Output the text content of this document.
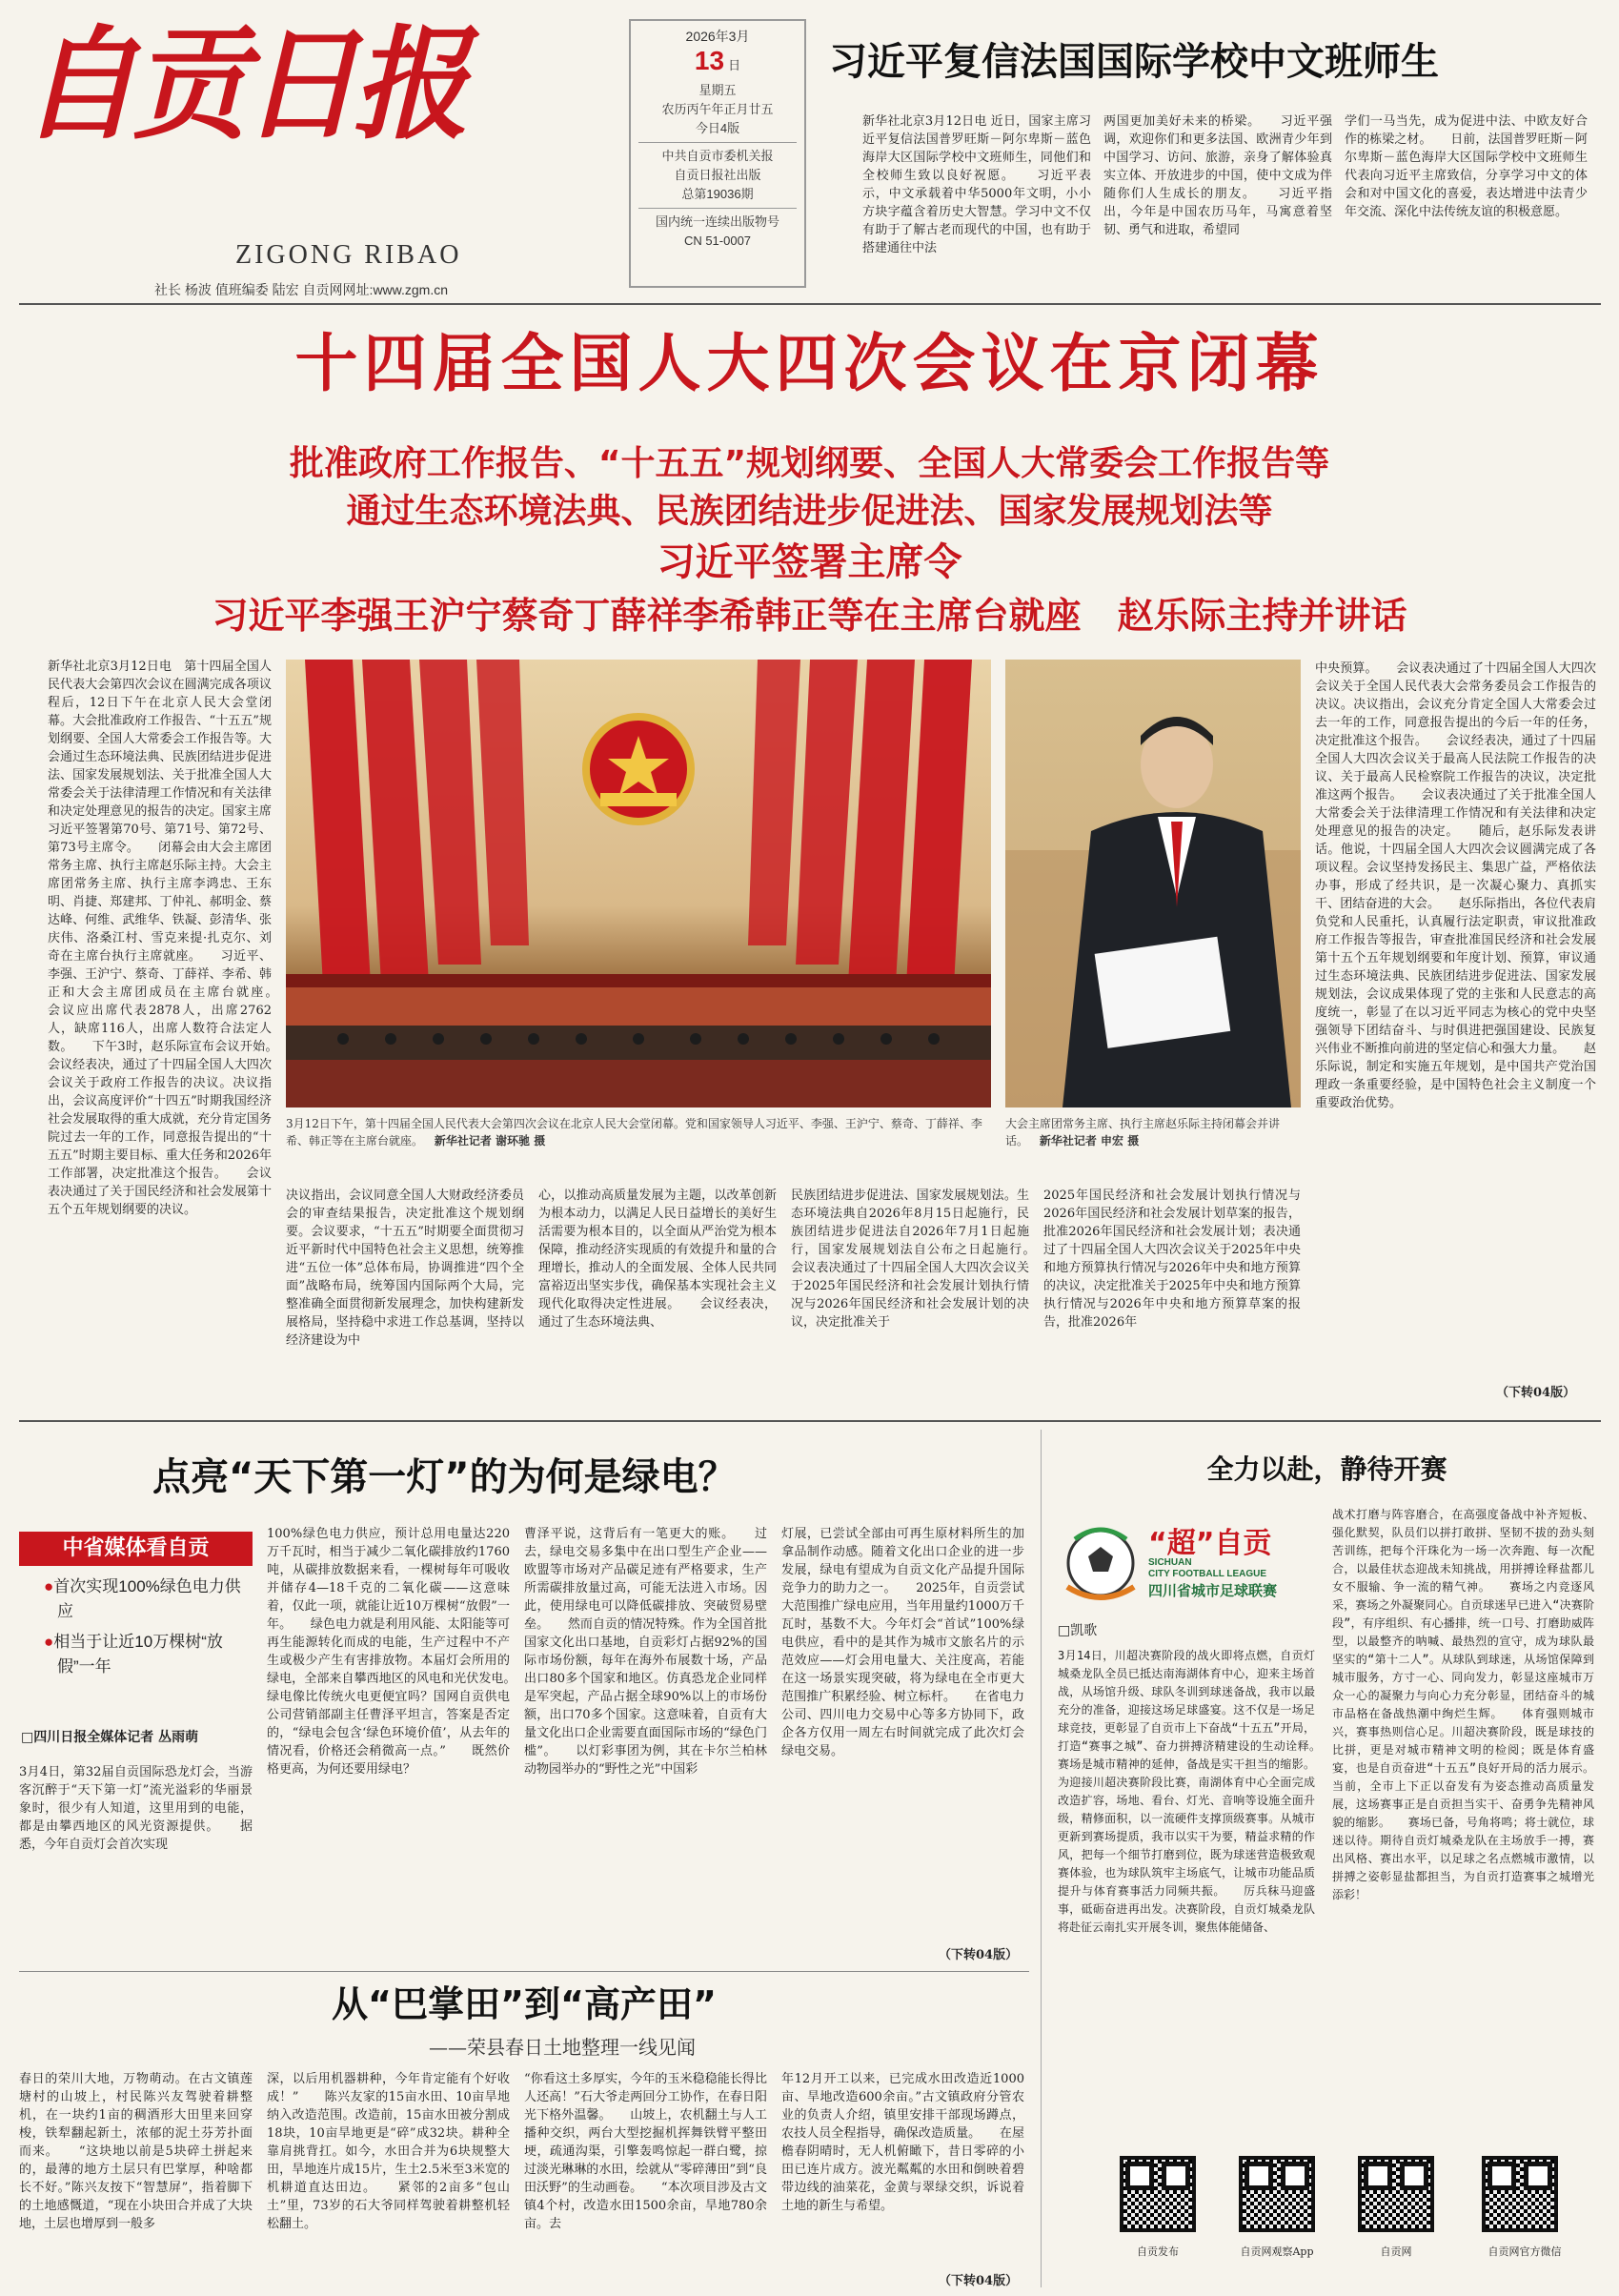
自贡日报
ZIGONG RIBAO
社长 杨波 值班编委 陆宏 自贡网网址:www.zgm.cn
2026年3月
13 日
星期五
农历丙午年正月廿五
今日4版
中共自贡市委机关报
自贡日报社出版
总第19036期
国内统一连续出版物号
CN 51-0007
习近平复信法国国际学校中文班师生
新华社北京3月12日电 近日，国家主席习近平复信法国普罗旺斯－阿尔卑斯－蓝色海岸大区国际学校中文班师生，同他们和全校师生致以良好祝愿。　　习近平表示，中文承载着中华5000年文明，小小方块字蕴含着历史大智慧。学习中文不仅有助于了解古老而现代的中国，也有助于搭建通往中法
两国更加美好未来的桥梁。　　习近平强调，欢迎你们和更多法国、欧洲青少年到中国学习、访问、旅游，亲身了解体验真实立体、开放进步的中国，使中文成为伴随你们人生成长的朋友。　　习近平指出，今年是中国农历马年，马寓意着坚韧、勇气和进取，希望同
学们一马当先，成为促进中法、中欧友好合作的栋梁之材。　　日前，法国普罗旺斯－阿尔卑斯－蓝色海岸大区国际学校中文班师生代表向习近平主席致信，分享学习中文的体会和对中国文化的喜爱，表达增进中法青少年交流、深化中法传统友谊的积极意愿。
十四届全国人大四次会议在京闭幕
批准政府工作报告、“十五五”规划纲要、全国人大常委会工作报告等
通过生态环境法典、民族团结进步促进法、国家发展规划法等
习近平签署主席令
习近平李强王沪宁蔡奇丁薛祥李希韩正等在主席台就座　赵乐际主持并讲话
新华社北京3月12日电　第十四届全国人民代表大会第四次会议在圆满完成各项议程后，12日下午在北京人民大会堂闭幕。大会批准政府工作报告、“十五五”规划纲要、全国人大常委会工作报告等。大会通过生态环境法典、民族团结进步促进法、国家发展规划法、关于批准全国人大常委会关于法律清理工作情况和有关法律和决定处理意见的报告的决定。国家主席习近平签署第70号、第71号、第72号、第73号主席令。　　闭幕会由大会主席团常务主席、执行主席赵乐际主持。大会主席团常务主席、执行主席李鸿忠、王东明、肖捷、郑建邦、丁仲礼、郝明金、蔡达峰、何维、武维华、铁凝、彭清华、张庆伟、洛桑江村、雪克来提·扎克尔、刘奇在主席台执行主席就座。　　习近平、李强、王沪宁、蔡奇、丁薛祥、李希、韩正和大会主席团成员在主席台就座。　　会议应出席代表2878人，出席2762人，缺席116人，出席人数符合法定人数。　　下午3时，赵乐际宣布会议开始。　　会议经表决，通过了十四届全国人大四次会议关于政府工作报告的决议。决议指出，会议高度评价“十四五”时期我国经济社会发展取得的重大成就，充分肯定国务院过去一年的工作，同意报告提出的“十五五”时期主要目标、重大任务和2026年工作部署，决定批准这个报告。　　会议表决通过了关于国民经济和社会发展第十五个五年规划纲要的决议。
3月12日下午，第十四届全国人民代表大会第四次会议在北京人民大会堂闭幕。党和国家领导人习近平、李强、王沪宁、蔡奇、丁薛祥、李希、韩正等在主席台就座。 新华社记者 谢环驰 摄
大会主席团常务主席、执行主席赵乐际主持闭幕会并讲话。 新华社记者 申宏 摄
决议指出，会议同意全国人大财政经济委员会的审查结果报告，决定批准这个规划纲要。会议要求，“十五五”时期要全面贯彻习近平新时代中国特色社会主义思想，统筹推进“五位一体”总体布局，协调推进“四个全面”战略布局，统筹国内国际两个大局，完整准确全面贯彻新发展理念，加快构建新发展格局，坚持稳中求进工作总基调，坚持以经济建设为中
心，以推动高质量发展为主题，以改革创新为根本动力，以满足人民日益增长的美好生活需要为根本目的，以全面从严治党为根本保障，推动经济实现质的有效提升和量的合理增长，推动人的全面发展、全体人民共同富裕迈出坚实步伐，确保基本实现社会主义现代化取得决定性进展。　　会议经表决，通过了生态环境法典、
民族团结进步促进法、国家发展规划法。生态环境法典自2026年8月15日起施行，民族团结进步促进法自2026年7月1日起施行，国家发展规划法自公布之日起施行。　　会议表决通过了十四届全国人大四次会议关于2025年国民经济和社会发展计划执行情况与2026年国民经济和社会发展计划的决议，决定批准关于
2025年国民经济和社会发展计划执行情况与2026年国民经济和社会发展计划草案的报告，批准2026年国民经济和社会发展计划；表决通过了十四届全国人大四次会议关于2025年中央和地方预算执行情况与2026年中央和地方预算的决议，决定批准关于2025年中央和地方预算执行情况与2026年中央和地方预算草案的报告，批准2026年
中央预算。　　会议表决通过了十四届全国人大四次会议关于全国人民代表大会常务委员会工作报告的决议。决议指出，会议充分肯定全国人大常委会过去一年的工作，同意报告提出的今后一年的任务，决定批准这个报告。　　会议经表决，通过了十四届全国人大四次会议关于最高人民法院工作报告的决议、关于最高人民检察院工作报告的决议，决定批准这两个报告。　　会议表决通过了关于批准全国人大常委会关于法律清理工作情况和有关法律和决定处理意见的报告的决定。　　随后，赵乐际发表讲话。他说，十四届全国人大四次会议圆满完成了各项议程。会议坚持发扬民主、集思广益，严格依法办事，形成了经共识，是一次凝心聚力、真抓实干、团结奋进的大会。　　赵乐际指出，各位代表肩负党和人民重托，认真履行法定职责，审议批准政府工作报告等报告，审查批准国民经济和社会发展第十五个五年规划纲要和年度计划、预算，审议通过生态环境法典、民族团结进步促进法、国家发展规划法，会议成果体现了党的主张和人民意志的高度统一，彰显了在以习近平同志为核心的党中央坚强领导下团结奋斗、与时俱进把强国建设、民族复兴伟业不断推向前进的坚定信心和强大力量。　　赵乐际说，制定和实施五年规划，是中国共产党治国理政一条重要经验，是中国特色社会主义制度一个重要政治优势。
（下转04版）
点亮“天下第一灯”的为何是绿电？
中省媒体看自贡
●首次实现100%绿色电力供应
●相当于让近10万棵树“放假”一年
□四川日报全媒体记者 丛雨萌
3月4日，第32届自贡国际恐龙灯会，当游客沉醉于“天下第一灯”流光溢彩的华丽景象时，很少有人知道，这里用到的电能，都是由攀西地区的风光资源提供。　　据悉，今年自贡灯会首次实现
100%绿色电力供应，预计总用电量达220万千瓦时，相当于减少二氧化碳排放约1760吨，从碳排放数据来看，一棵树每年可吸收并储存4—18千克的二氧化碳——这意味着，仅此一项，就能让近10万棵树“放假”一年。　　绿色电力就是利用风能、太阳能等可再生能源转化而成的电能，生产过程中不产生或极少产生有害排放物。本届灯会所用的绿电，全部来自攀西地区的风电和光伏发电。　　绿电像比传统火电更便宜吗？国网自贡供电公司营销部副主任曹泽平坦言，答案是否定的，“绿电会包含‘绿色环境价值’，从去年的情况看，价格还会稍微高一点。”　　既然价格更高，为何还要用绿电？
曹泽平说，这背后有一笔更大的账。　　过去，绿电交易多集中在出口型生产企业——欧盟等市场对产品碳足迹有严格要求，生产所需碳排放量过高，可能无法进入市场。因此，使用绿电可以降低碳排放、突破贸易壁垒。　　然而自贡的情况特殊。作为全国首批国家文化出口基地，自贡彩灯占据92%的国际市场份额，每年在海外布展数十场，产品出口80多个国家和地区。仿真恐龙企业同样是军突起，产品占据全球90%以上的市场份额，出口70多个国家。这意味着，自贡有大量文化出口企业需要直面国际市场的“绿色门槛”。　　以灯彩事团为例，其在卡尔兰柏林动物园举办的“野性之光”中国彩
灯展，已尝试全部由可再生原材料所生的加拿品制作动感。随着文化出口企业的进一步发展，绿电有望成为自贡文化产品提升国际竞争力的助力之一。　　2025年，自贡尝试大范围推广绿电应用，当年用量约1000万千瓦时，基数不大。今年灯会“首试”100%绿电供应，看中的是其作为城市文旅名片的示范效应——灯会用电量大、关注度高，若能在这一场景实现突破，将为绿电在全市更大范围推广积累经验、树立标杆。　　在省电力公司、四川电力交易中心等多方协同下，政企各方仅用一周左右时间就完成了此次灯会绿电交易。
（下转04版）
从“巴掌田”到“高产田”
——荣县春日土地整理一线见闻
春日的荣川大地，万物萌动。在古文镇莲塘村的山坡上，村民陈兴友驾驶着耕整机，在一块约1亩的稠酒形大田里来回穿梭，铁犁翻起新土，浓郁的泥土芬芳扑面而来。　　“这块地以前是5块碎土拼起来的，最薄的地方土层只有巴掌厚，种啥都长不好。”陈兴友按下“智慧屏”，指着脚下的土地感慨道，“现在小块田合并成了大块地，土层也增厚到一般多
深，以后用机器耕种，今年肯定能有个好收成！”　　陈兴友家的15亩水田、10亩旱地纳入改造范围。改造前，15亩水田被分割成18块，10亩旱地更是“碎”成32块。耕种全靠肩挑背扛。如今，水田合并为6块规整大田，旱地连片成15片，生土2.5米至3米宽的机耕道直达田边。　　紧邻的2亩多“包山土”里，73岁的石大爷同样驾驶着耕整机轻松翻土。
“你看这土多厚实，今年的玉米稳稳能长得比人还高！”石大爷走两回分工协作，在春日阳光下格外温馨。　　山坡上，农机翻土与人工播种交织，两台大型挖掘机挥舞铁臂平整田埂，疏通沟渠，引擎轰鸣惊起一群白鹭，掠过淡光琳琳的水田，绘就从“零碎薄田”到“良田沃野”的生动画卷。　　“本次项目涉及古文镇4个村，改造水田1500余亩，旱地780余亩。去
年12月开工以来，已完成水田改造近1000亩、旱地改造600余亩。”古文镇政府分管农业的负责人介绍，镇里安排干部现场蹲点，农技人员全程指导，确保改造质量。　　在屋檐春阴晴时，无人机俯瞰下，昔日零碎的小田已连片成方。波光粼粼的水田和倒映着碧带边线的油菜花，金黄与翠绿交织，诉说着土地的新生与希望。
（下转04版）
全力以赴，静待开赛
“超”自贡
SICHUAN
CITY FOOTBALL LEAGUE
四川省城市足球联赛
□凯歌
3月14日，川超决赛阶段的战火即将点燃，自贡灯城桑龙队全员已抵达南海湖体育中心，迎来主场首战，从场馆升级、球队冬训到球迷备战，我市以最充分的准备，迎接这场足球盛宴。这不仅是一场足球竞技，更彰显了自贡市上下奋战“十五五”开局，打造“赛事之城”、奋力拼搏济精建设的生动诠释。　　赛场是城市精神的延伸，备战是实干担当的缩影。为迎接川超决赛阶段比赛，南湖体育中心全面完成改造扩容，场地、看台、灯光、音响等设施全面升级，精修面积，以一流硬件支撑顶级赛事。从城市更新到赛场提质，我市以实干为要，精益求精的作风，把每一个细节打磨到位，既为球迷营造极致观赛体验，也为球队筑牢主场底气，让城市功能品质提升与体育赛事活力同频共振。　　厉兵秣马迎盛事，砥砺奋进再出发。决赛阶段，自贡灯城桑龙队将赴征云南扎实开展冬训，聚焦体能储备、
战术打磨与阵容磨合，在高强度备战中补齐短板、强化默契，队员们以拼打敢拼、坚韧不拔的劲头刻苦训练，把每个汗珠化为一场一次奔跑、每一次配合，以最佳状态迎战未知挑战，用拼搏诠释盐都儿女不服输、争一流的精气神。　　赛场之内竞逐风采，赛场之外凝聚同心。自贡球迷早已进入“决赛阶段”，有序组织、有心播排，统一口号、打磨助威阵型，以最整齐的呐喊、最热烈的宣守，成为球队最坚实的“第十二人”。从球队到球迷，从场馆保障到城市服务，方寸一心、同向发力，彰显这座城市万众一心的凝聚力与向心力充分彰显，团结奋斗的城市品格在备战热潮中绚烂生辉。　　体育强则城市兴，赛事热则信心足。川超决赛阶段，既是球技的比拼，更是对城市精神文明的检阅；既是体育盛宴，也是自贡奋进“十五五”良好开局的活力展示。当前，全市上下正以奋发有为姿态推动高质量发展，这场赛事正是自贡担当实干、奋勇争先精神风貌的缩影。　　赛场已备，号角将鸣；将士就位，球迷以待。期待自贡灯城桑龙队在主场放手一搏，赛出风格、赛出水平，以足球之名点燃城市激情，以拼搏之姿彰显盐都担当，为自贡打造赛事之城增光添彩！
自贡发布	自贡网观察App	自贡网	自贡网官方微信
